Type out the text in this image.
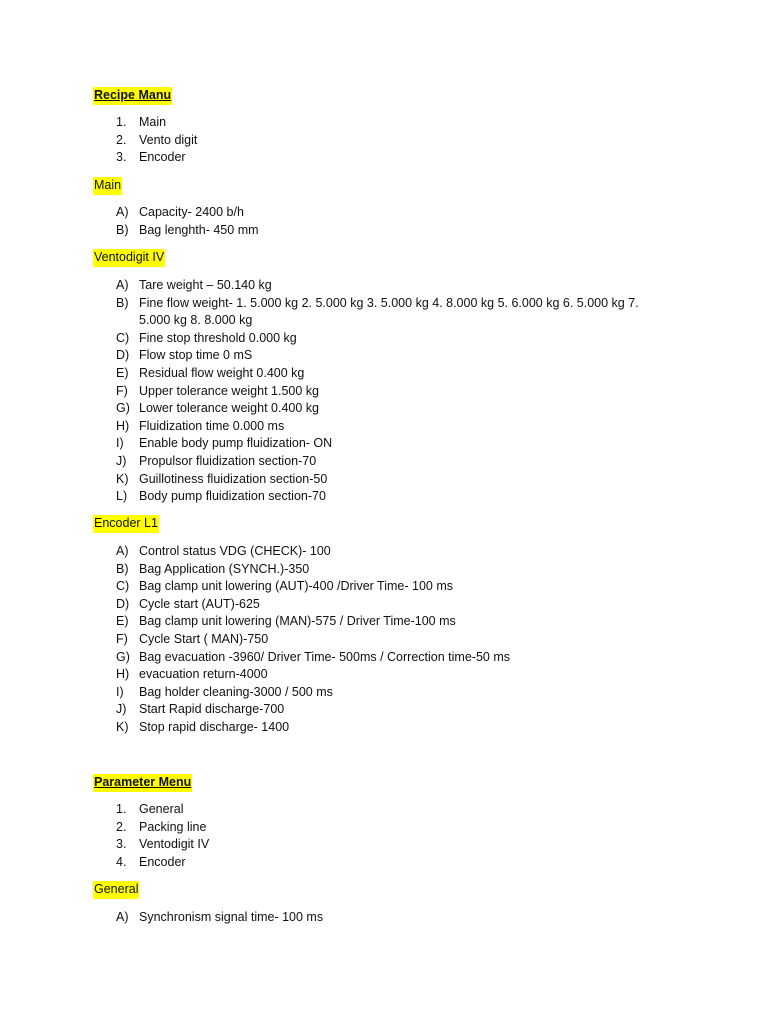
Recipe Manu
1.	Main
2.	Vento digit
3.	Encoder
Main
A) Capacity- 2400 b/h
B) Bag lenghth- 450 mm
Ventodigit IV
A) Tare weight – 50.140 kg
B) Fine flow weight- 1. 5.000 kg 2. 5.000 kg 3. 5.000 kg 4. 8.000 kg 5. 6.000 kg 6. 5.000 kg 7. 5.000 kg 8. 8.000 kg
C) Fine stop threshold 0.000 kg
D) Flow stop time 0 mS
E) Residual flow weight 0.400 kg
F) Upper tolerance weight 1.500 kg
G) Lower tolerance weight 0.400 kg
H) Fluidization time 0.000 ms
I)	Enable body pump fluidization- ON
J)	Propulsor fluidization section-70
K) Guillotiness fluidization section-50
L) Body pump fluidization section-70
Encoder L1
A) Control status VDG (CHECK)- 100
B) Bag Application (SYNCH.)-350
C) Bag clamp unit lowering (AUT)-400 /Driver Time- 100 ms
D) Cycle start (AUT)-625
E) Bag clamp unit lowering (MAN)-575 / Driver Time-100 ms
F) Cycle Start ( MAN)-750
G) Bag evacuation -3960/ Driver Time- 500ms / Correction time-50 ms
H) evacuation return-4000
I)	Bag holder cleaning-3000 / 500 ms
J)	Start Rapid discharge-700
K) Stop rapid discharge- 1400
Parameter Menu
1.	General
2.	Packing line
3.	Ventodigit IV
4.	Encoder
General
A) Synchronism signal time- 100 ms
